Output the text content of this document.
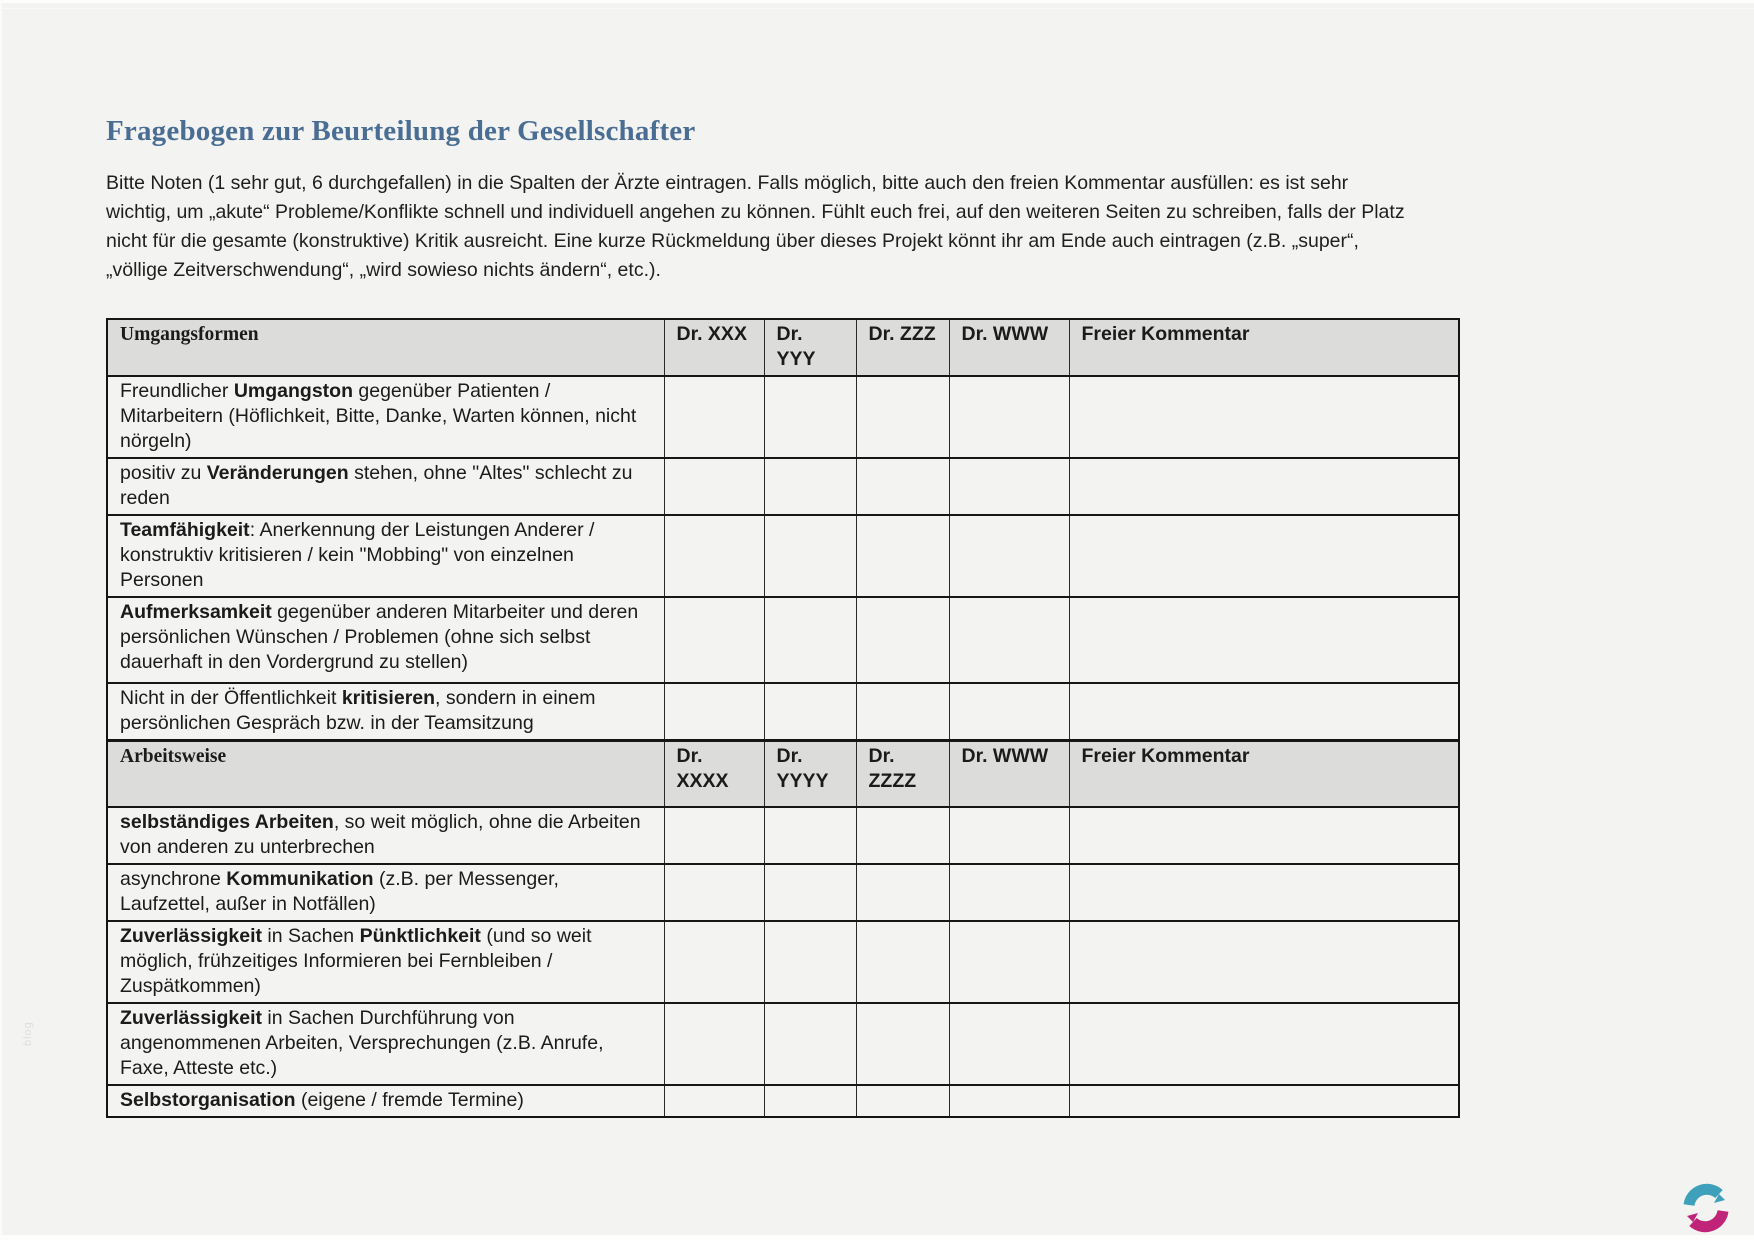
Fragebogen zur Beurteilung der Gesellschafter

Bitte Noten (1 sehr gut, 6 durchgefallen) in die Spalten der Ärzte eintragen. Falls möglich, bitte auch den freien Kommentar ausfüllen: es ist sehr wichtig, um „akute“ Probleme/Konflikte schnell und individuell angehen zu können. Fühlt euch frei, auf den weiteren Seiten zu schreiben, falls der Platz nicht für die gesamte (konstruktive) Kritik ausreicht. Eine kurze Rückmeldung über dieses Projekt könnt ihr am Ende auch eintragen (z.B. „super“, „völlige Zeitverschwendung“, „wird sowieso nichts ändern“, etc.).

Umgangsformen	Dr. XXX	Dr. YYY	Dr. ZZZ	Dr. WWW	Freier Kommentar
Freundlicher Umgangston gegenüber Patienten / Mitarbeitern (Höflichkeit, Bitte, Danke, Warten können, nicht nörgeln)					
positiv zu Veränderungen stehen, ohne "Altes" schlecht zu reden					
Teamfähigkeit: Anerkennung der Leistungen Anderer / konstruktiv kritisieren / kein "Mobbing" von einzelnen Personen					
Aufmerksamkeit gegenüber anderen Mitarbeiter und deren persönlichen Wünschen / Problemen (ohne sich selbst dauerhaft in den Vordergrund zu stellen)					
Nicht in der Öffentlichkeit kritisieren, sondern in einem persönlichen Gespräch bzw. in der Teamsitzung					
Arbeitsweise	Dr. XXXX	Dr. YYYY	Dr. ZZZZ	Dr. WWW	Freier Kommentar
selbständiges Arbeiten, so weit möglich, ohne die Arbeiten von anderen zu unterbrechen					
asynchrone Kommunikation (z.B. per Messenger, Laufzettel, außer in Notfällen)					
Zuverlässigkeit in Sachen Pünktlichkeit (und so weit möglich, frühzeitiges Informieren bei Fernbleiben / Zuspätkommen)					
Zuverlässigkeit in Sachen Durchführung von angenommenen Arbeiten, Versprechungen (z.B. Anrufe, Faxe, Atteste etc.)					
Selbstorganisation (eigene / fremde Termine)					
blog
